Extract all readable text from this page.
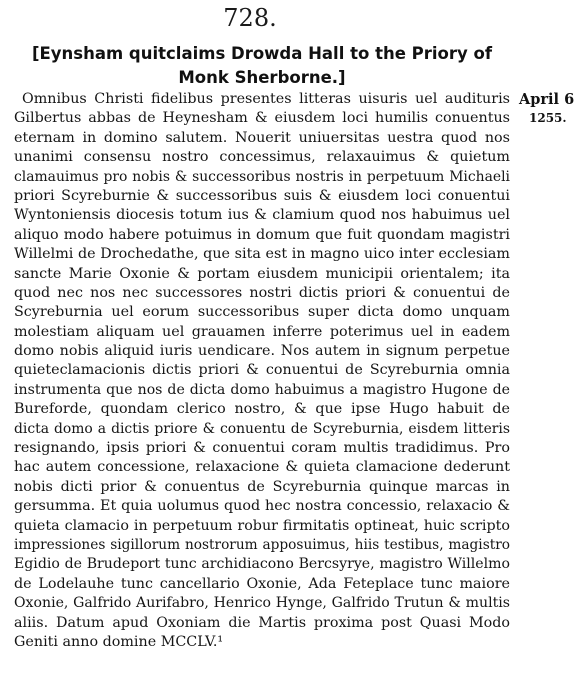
728.
[Eynsham quitclaims Drowda Hall to the Priory of Monk Sherborne.]
April 6
1255.
Omnibus Christi fidelibus presentes litteras uisuris uel audituris
Gilbertus abbas de Heynesham & eiusdem loci humilis conuentus
eternam in domino salutem. Nouerit uniuersitas uestra quod nos
unanimi consensu nostro concessimus, relaxauimus & quietum
clamauimus pro nobis & successoribus nostris in perpetuum Michaeli
priori Scyreburnie & successoribus suis & eiusdem loci conuentui
Wyntoniensis diocesis totum ius & clamium quod nos habuimus uel
aliquo modo habere potuimus in domum que fuit quondam magistri
Willelmi de Drochedathe, que sita est in magno uico inter ecclesiam
sancte Marie Oxonie & portam eiusdem municipii orientalem; ita
quod nec nos nec successores nostri dictis priori & conuentui de
Scyreburnia uel eorum successoribus super dicta domo unquam
molestiam aliquam uel grauamen inferre poterimus uel in eadem
domo nobis aliquid iuris uendicare. Nos autem in signum perpetue
quieteclamacionis dictis priori & conuentui de Scyreburnia omnia
instrumenta que nos de dicta domo habuimus a magistro Hugone de
Bureforde, quondam clerico nostro, & que ipse Hugo habuit de
dicta domo a dictis priore & conuentu de Scyreburnia, eisdem litteris
resignando, ipsis priori & conuentui coram multis tradidimus. Pro
hac autem concessione, relaxacione & quieta clamacione dederunt
nobis dicti prior & conuentus de Scyreburnia quinque marcas in
gersumma. Et quia uolumus quod hec nostra concessio, relaxacio &
quieta clamacio in perpetuum robur firmitatis optineat, huic scripto
impressiones sigillorum nostrorum apposuimus, hiis testibus, magistro
Egidio de Brudeport tunc archidiacono Bercsyrye, magistro Willelmo
de Lodelauhe tunc cancellario Oxonie, Ada Feteplace tunc maiore
Oxonie, Galfrido Aurifabro, Henrico Hynge, Galfrido Trutun & multis
aliis. Datum apud Oxoniam die Martis proxima post Quasi Modo
Geniti anno domine MCCLV.¹
